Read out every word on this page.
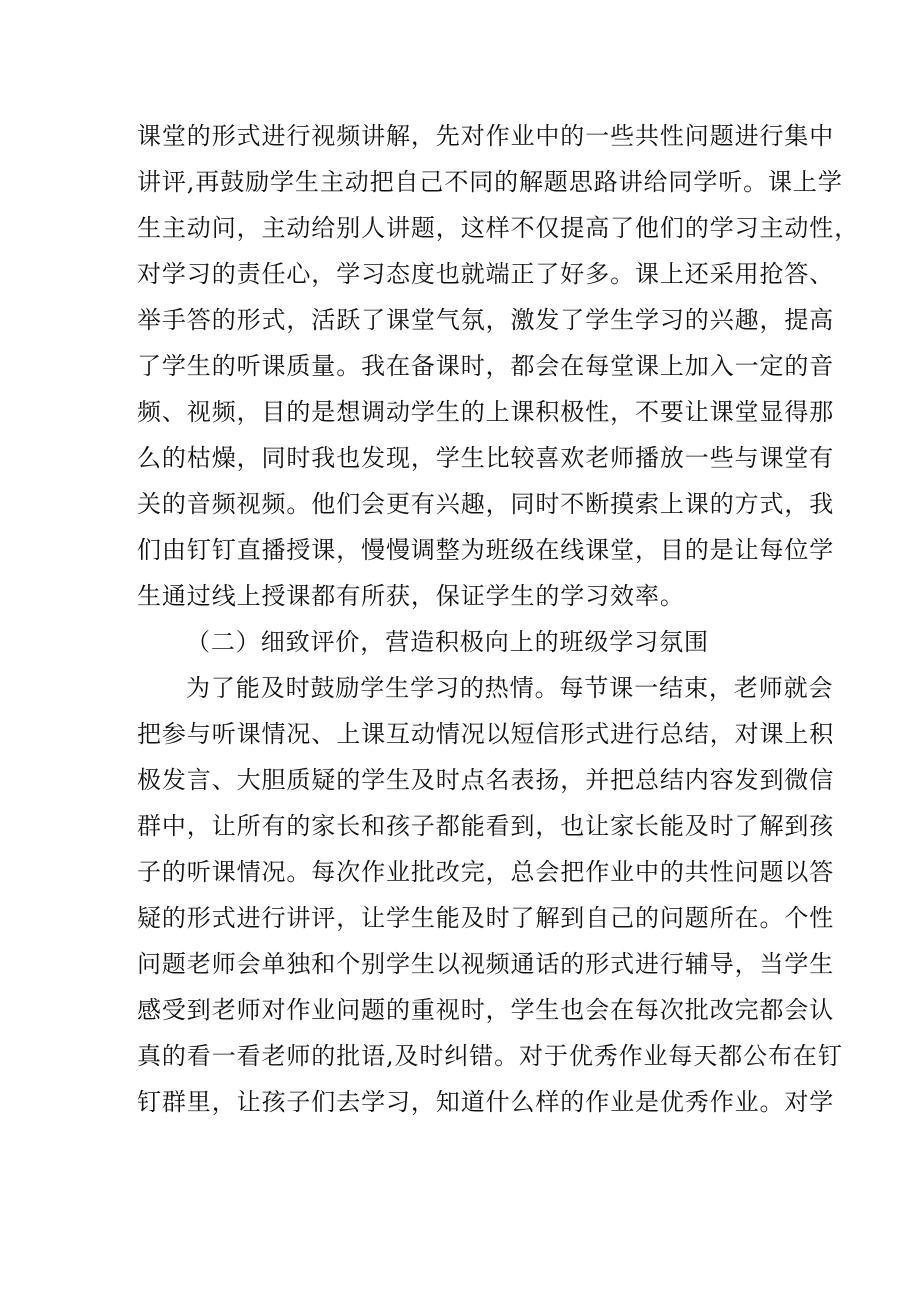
课堂的形式进行视频讲解，先对作业中的一些共性问题进行集中
讲评,再鼓励学生主动把自己不同的解题思路讲给同学听。课上学
生主动问，主动给别人讲题，这样不仅提高了他们的学习主动性，
对学习的责任心，学习态度也就端正了好多。课上还采用抢答、
举手答的形式，活跃了课堂气氛，激发了学生学习的兴趣，提高
了学生的听课质量。我在备课时，都会在每堂课上加入一定的音
频、视频，目的是想调动学生的上课积极性，不要让课堂显得那
么的枯燥，同时我也发现，学生比较喜欢老师播放一些与课堂有
关的音频视频。他们会更有兴趣，同时不断摸索上课的方式，我
们由钉钉直播授课，慢慢调整为班级在线课堂，目的是让每位学
生通过线上授课都有所获，保证学生的学习效率。
（二）细致评价，营造积极向上的班级学习氛围
为了能及时鼓励学生学习的热情。每节课一结束，老师就会
把参与听课情况、上课互动情况以短信形式进行总结，对课上积
极发言、大胆质疑的学生及时点名表扬，并把总结内容发到微信
群中，让所有的家长和孩子都能看到，也让家长能及时了解到孩
子的听课情况。每次作业批改完，总会把作业中的共性问题以答
疑的形式进行讲评，让学生能及时了解到自己的问题所在。个性
问题老师会单独和个别学生以视频通话的形式进行辅导，当学生
感受到老师对作业问题的重视时，学生也会在每次批改完都会认
真的看一看老师的批语,及时纠错。对于优秀作业每天都公布在钉
钉群里，让孩子们去学习，知道什么样的作业是优秀作业。对学
